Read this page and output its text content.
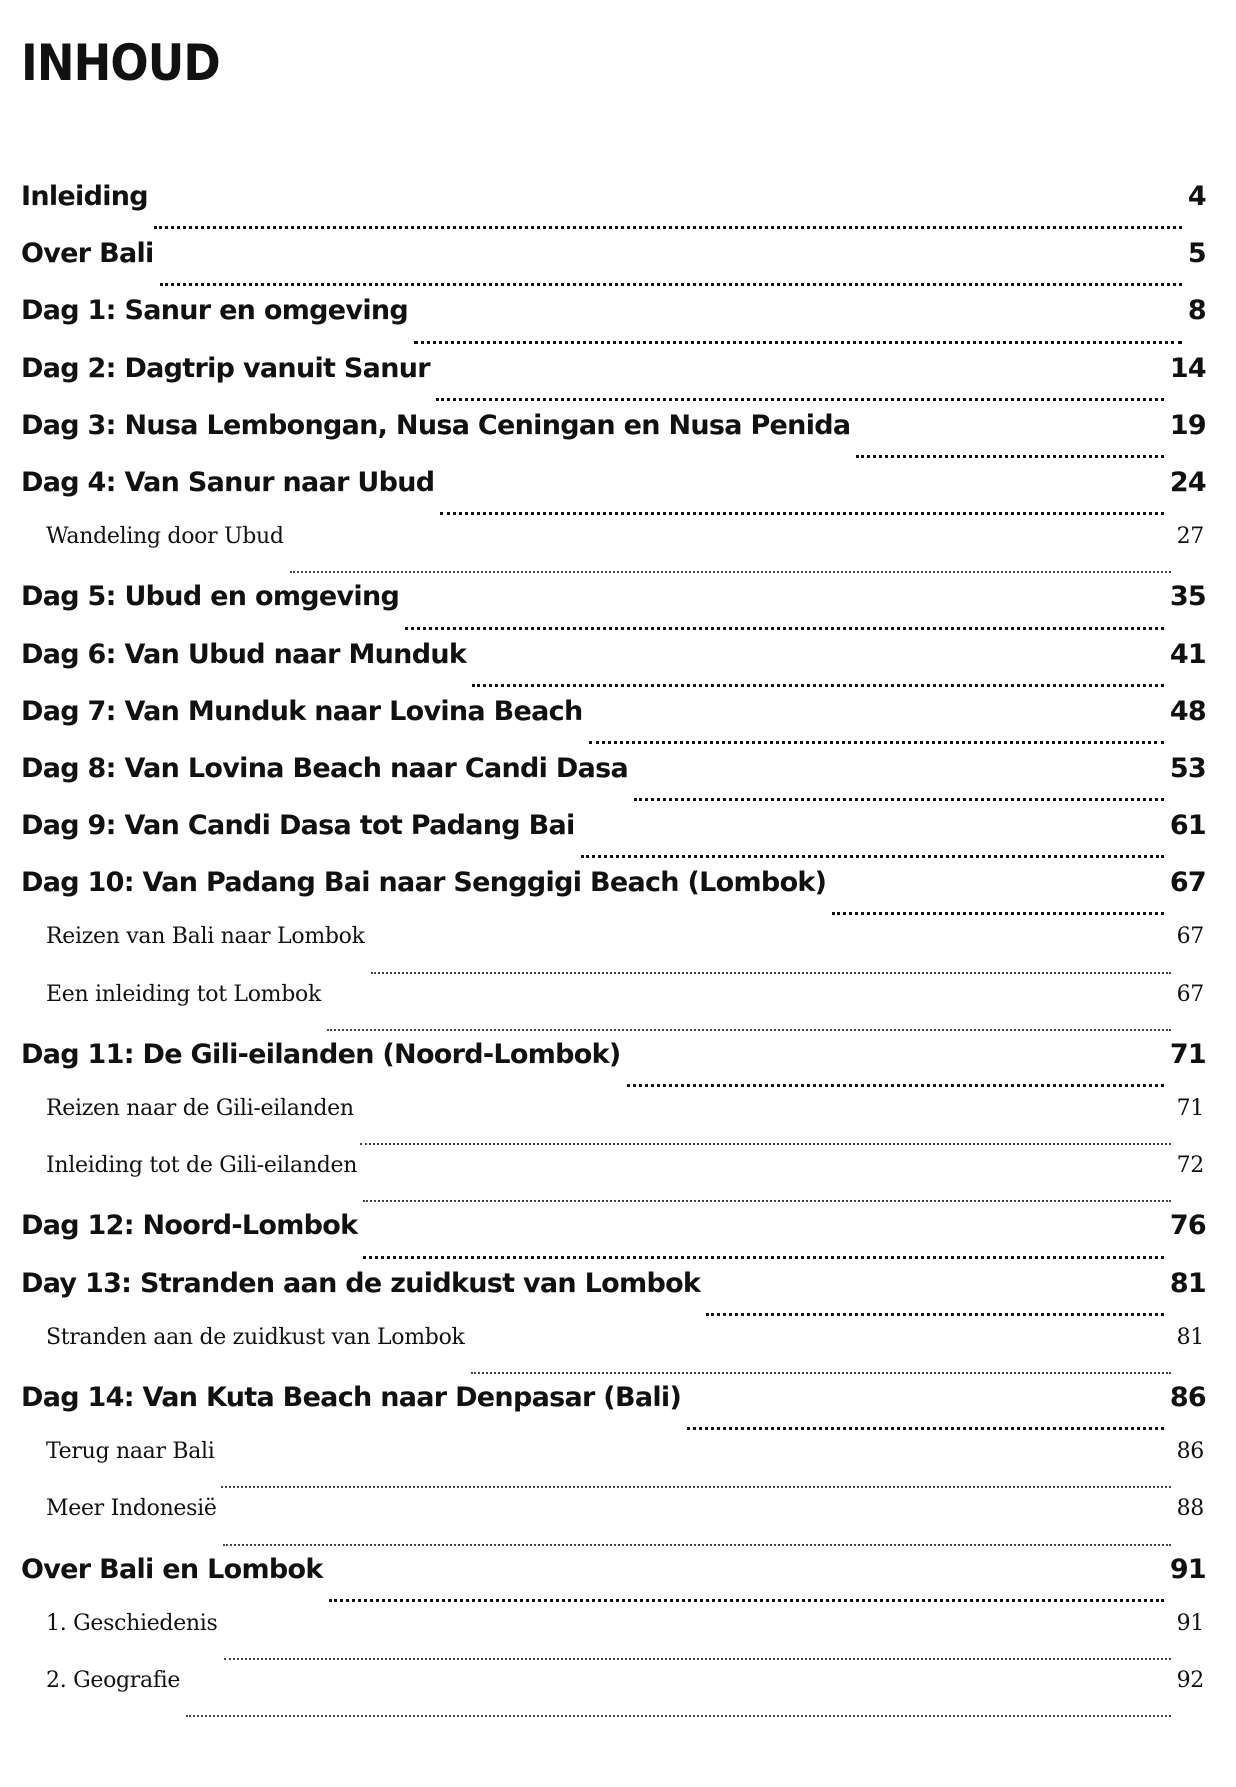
INHOUD
Inleiding	4
Over Bali	5
Dag 1: Sanur en omgeving	8
Dag 2: Dagtrip vanuit Sanur	14
Dag 3: Nusa Lembongan, Nusa Ceningan en Nusa Penida	19
Dag 4: Van Sanur naar Ubud	24
Wandeling door Ubud	27
Dag 5: Ubud en omgeving	35
Dag 6: Van Ubud naar Munduk	41
Dag 7: Van Munduk naar Lovina Beach	48
Dag 8: Van Lovina Beach naar Candi Dasa	53
Dag 9: Van Candi Dasa tot Padang Bai	61
Dag 10: Van Padang Bai naar Senggigi Beach (Lombok)	67
Reizen van Bali naar Lombok	67
Een inleiding tot Lombok	67
Dag 11: De Gili-eilanden (Noord-Lombok)	71
Reizen naar de Gili-eilanden	71
Inleiding tot de Gili-eilanden	72
Dag 12: Noord-Lombok	76
Day 13: Stranden aan de zuidkust van Lombok	81
Stranden aan de zuidkust van Lombok	81
Dag 14: Van Kuta Beach naar Denpasar (Bali)	86
Terug naar Bali	86
Meer Indonesië	88
Over Bali en Lombok	91
1. Geschiedenis	91
2. Geografie	92
